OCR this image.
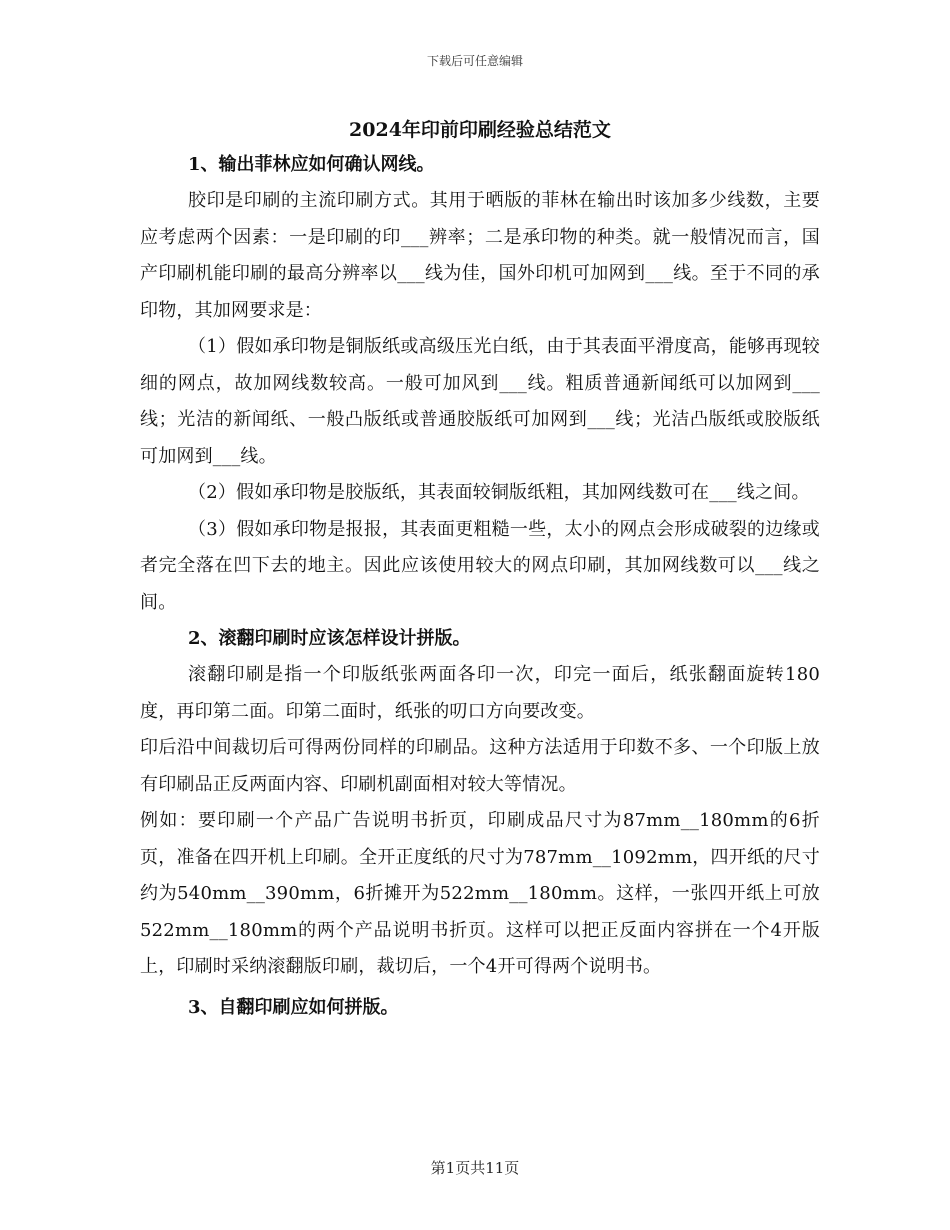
下载后可任意编辑
2024年印前印刷经验总结范文
1、输出菲林应如何确认网线。

胶印是印刷的主流印刷方式。其用于晒版的菲林在输出时该加多少线数，主要应考虑两个因素：一是印刷的印___辨率；二是承印物的种类。就一般情况而言，国产印刷机能印刷的最高分辨率以___线为佳，国外印机可加网到___线。至于不同的承印物，其加网要求是：

（1）假如承印物是铜版纸或高级压光白纸，由于其表面平滑度高，能够再现较细的网点，故加网线数较高。一般可加风到___线。粗质普通新闻纸可以加网到___线；光洁的新闻纸、一般凸版纸或普通胶版纸可加网到___线；光洁凸版纸或胶版纸可加网到___线。

（2）假如承印物是胶版纸，其表面较铜版纸粗，其加网线数可在___线之间。

（3）假如承印物是报报，其表面更粗糙一些，太小的网点会形成破裂的边缘或者完全落在凹下去的地主。因此应该使用较大的网点印刷，其加网线数可以___线之间。

2、滚翻印刷时应该怎样设计拼版。

滚翻印刷是指一个印版纸张两面各印一次，印完一面后，纸张翻面旋转180度，再印第二面。印第二面时，纸张的叨口方向要改变。

印后沿中间裁切后可得两份同样的印刷品。这种方法适用于印数不多、一个印版上放有印刷品正反两面内容、印刷机副面相对较大等情况。

例如：要印刷一个产品广告说明书折页，印刷成品尺寸为87mm__180mm的6折页，准备在四开机上印刷。全开正度纸的尺寸为787mm__1092mm，四开纸的尺寸约为540mm__390mm，6折摊开为522mm__180mm。这样，一张四开纸上可放522mm__180mm的两个产品说明书折页。这样可以把正反面内容拼在一个4开版上，印刷时采纳滚翻版印刷，裁切后，一个4开可得两个说明书。

3、自翻印刷应如何拼版。
第1页共11页
